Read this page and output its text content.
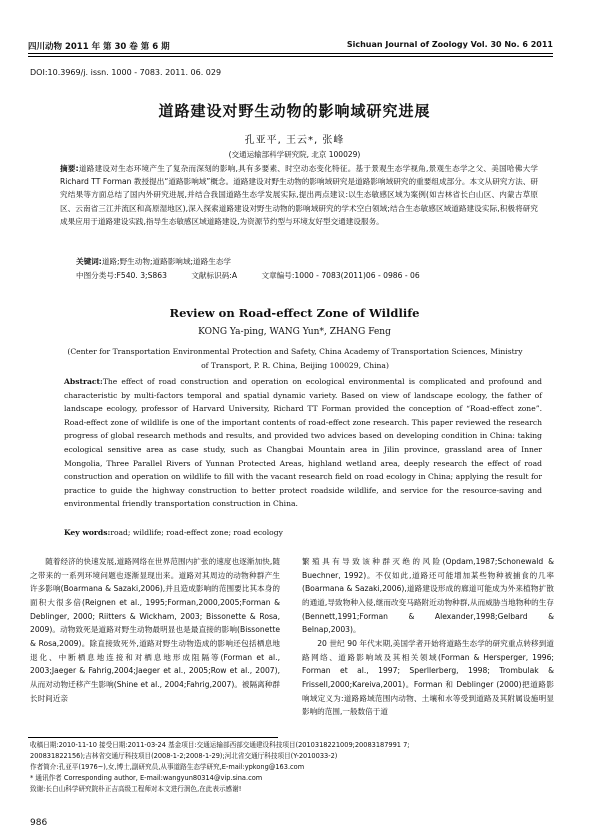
四川动物 2011 年 第 30 卷 第 6 期	Sichuan Journal of Zoology Vol. 30 No. 6 2011
DOI:10.3969/j. issn. 1000 - 7083. 2011. 06. 029
道路建设对野生动物的影响域研究进展
孔亚平, 王云*, 张峰
(交通运输部科学研究院, 北京 100029)
摘要:道路建设对生态环境产生了复杂而深刻的影响,具有多要素、时空动态变化特征。基于景观生态学视角,景观生态学之父、美国哈佛大学 Richard TT Forman 教授提出“道路影响域”概念。道路建设对野生动物的影响域研究是道路影响域研究的重要组成部分。本文从研究方法、研究结果等方面总结了国内外研究进展,并结合我国道路生态学发展实际,提出两点建议:以生态敏感区域为案例(如吉林省长白山区、内蒙古草原区、云南省三江并流区和高原湿地区),深入探索道路建设对野生动物的影响域研究的学术空白领域;结合生态敏感区域道路建设实际,积极将研究成果应用于道路建设实践,指导生态敏感区域道路建设,为资源节约型与环境友好型交通建设服务。
关键词:道路;野生动物;道路影响域;道路生态学
中图分类号:F540. 3;S863	文献标识码:A	文章编号:1000 - 7083(2011)06 - 0986 - 06
Review on Road-effect Zone of Wildlife
KONG Ya-ping, WANG Yun*, ZHANG Feng
(Center for Transportation Environmental Protection and Safety, China Academy of Transportation Sciences, Ministry of Transport, P. R. China, Beijing 100029, China)
Abstract:The effect of road construction and operation on ecological environmental is complicated and profound and characteristic by multi-factors temporal and spatial dynamic variety. Based on view of landscape ecology, the father of landscape ecology, professor of Harvard University, Richard TT Forman provided the conception of “Road-effect zone”. Road-effect zone of wildlife is one of the important contents of road-effect zone research. This paper reviewed the research progress of global research methods and results, and provided two advices based on developing condition in China: taking ecological sensitive area as case study, such as Changbai Mountain area in Jilin province, grassland area of Inner Mongolia, Three Parallel Rivers of Yunnan Protected Areas, highland wetland area, deeply research the effect of road construction and operation on wildlife to fill with the vacant research field on road ecology in China; applying the result for practice to guide the highway construction to better protect roadside wildlife, and service for the resource-saving and environmental friendly transportation construction in China.
Key words:road; wildlife; road-effect zone; road ecology

随着经济的快速发展,道路网络在世界范围内扩张的速度也逐渐加快,随之带来的一系列环境问题也逐渐显现出来。道路对其周边的动物种群产生许多影响(Boarmana & Sazaki,2006),并且造成影响的范围要比其本身的面积大很多倍(Reignen et al., 1995;Forman,2000,2005;Forman & Deblinger, 2000; Riitters & Wickham, 2003; Bissonette & Rosa, 2009)。动物致死是道路对野生动物最明显也是最直接的影响(Bissonette & Rosa,2009)。除直接致死外,道路对野生动物造成的影响还包括栖息地退化、中断栖息地连接和对栖息地形成阻隔等(Forman et al., 2003;Jaeger & Fahrig,2004;Jaeger et al., 2005;Row et al., 2007),从而对动物迁移产生影响(Shine et al., 2004;Fahrig,2007)。被隔离种群长时间近亲

繁殖具有导致该种群灭绝的风险(Opdam,1987;Schonewald & Buechner, 1992)。不仅如此,道路还可能增加某些物种被捕食的几率(Boarmana & Sazaki,2006),道路建设形成的廊道可能成为外来植物扩散的通道,导致物种入侵,继而改变马路附近动物种群,从而威胁当地物种的生存(Bennett,1991;Forman & Alexander,1998;Gelbard & Belnap,2003)。

20 世纪 90 年代末期,美国学者开始将道路生态学的研究重点转移到道路网络、道路影响域及其相关领域(Forman & Hersperger, 1996; Forman et al., 1997; Sperllerberg, 1998; Trombulak & Frissell,2000;Kareiva,2001)。Forman 和 Deblinger (2000)把道路影响域定义为:道路路域范围内动物、土壤和水等受到道路及其附属设施明显影响的范围,一般数倍于道

收稿日期:2010-11-10 接受日期:2011-03-24 基金项目:交通运输部西部交通建设科技项目(2010318221009;20083187991 7;
200831822156);吉林省交通厅科技项目(2008-1-2;2008-1-29);河北省交通厅科技项目(Y-2010033-2)
作者简介:孔亚平(1976~),女,博士,副研究员,从事道路生态学研究,E-mail:ypkong@163.com
* 通讯作者 Corresponding author, E-mail:wangyun80314@vip.sina.com
致谢:长白山科学研究院朴正吉高级工程师对本文进行润色,在此表示感谢!
986
